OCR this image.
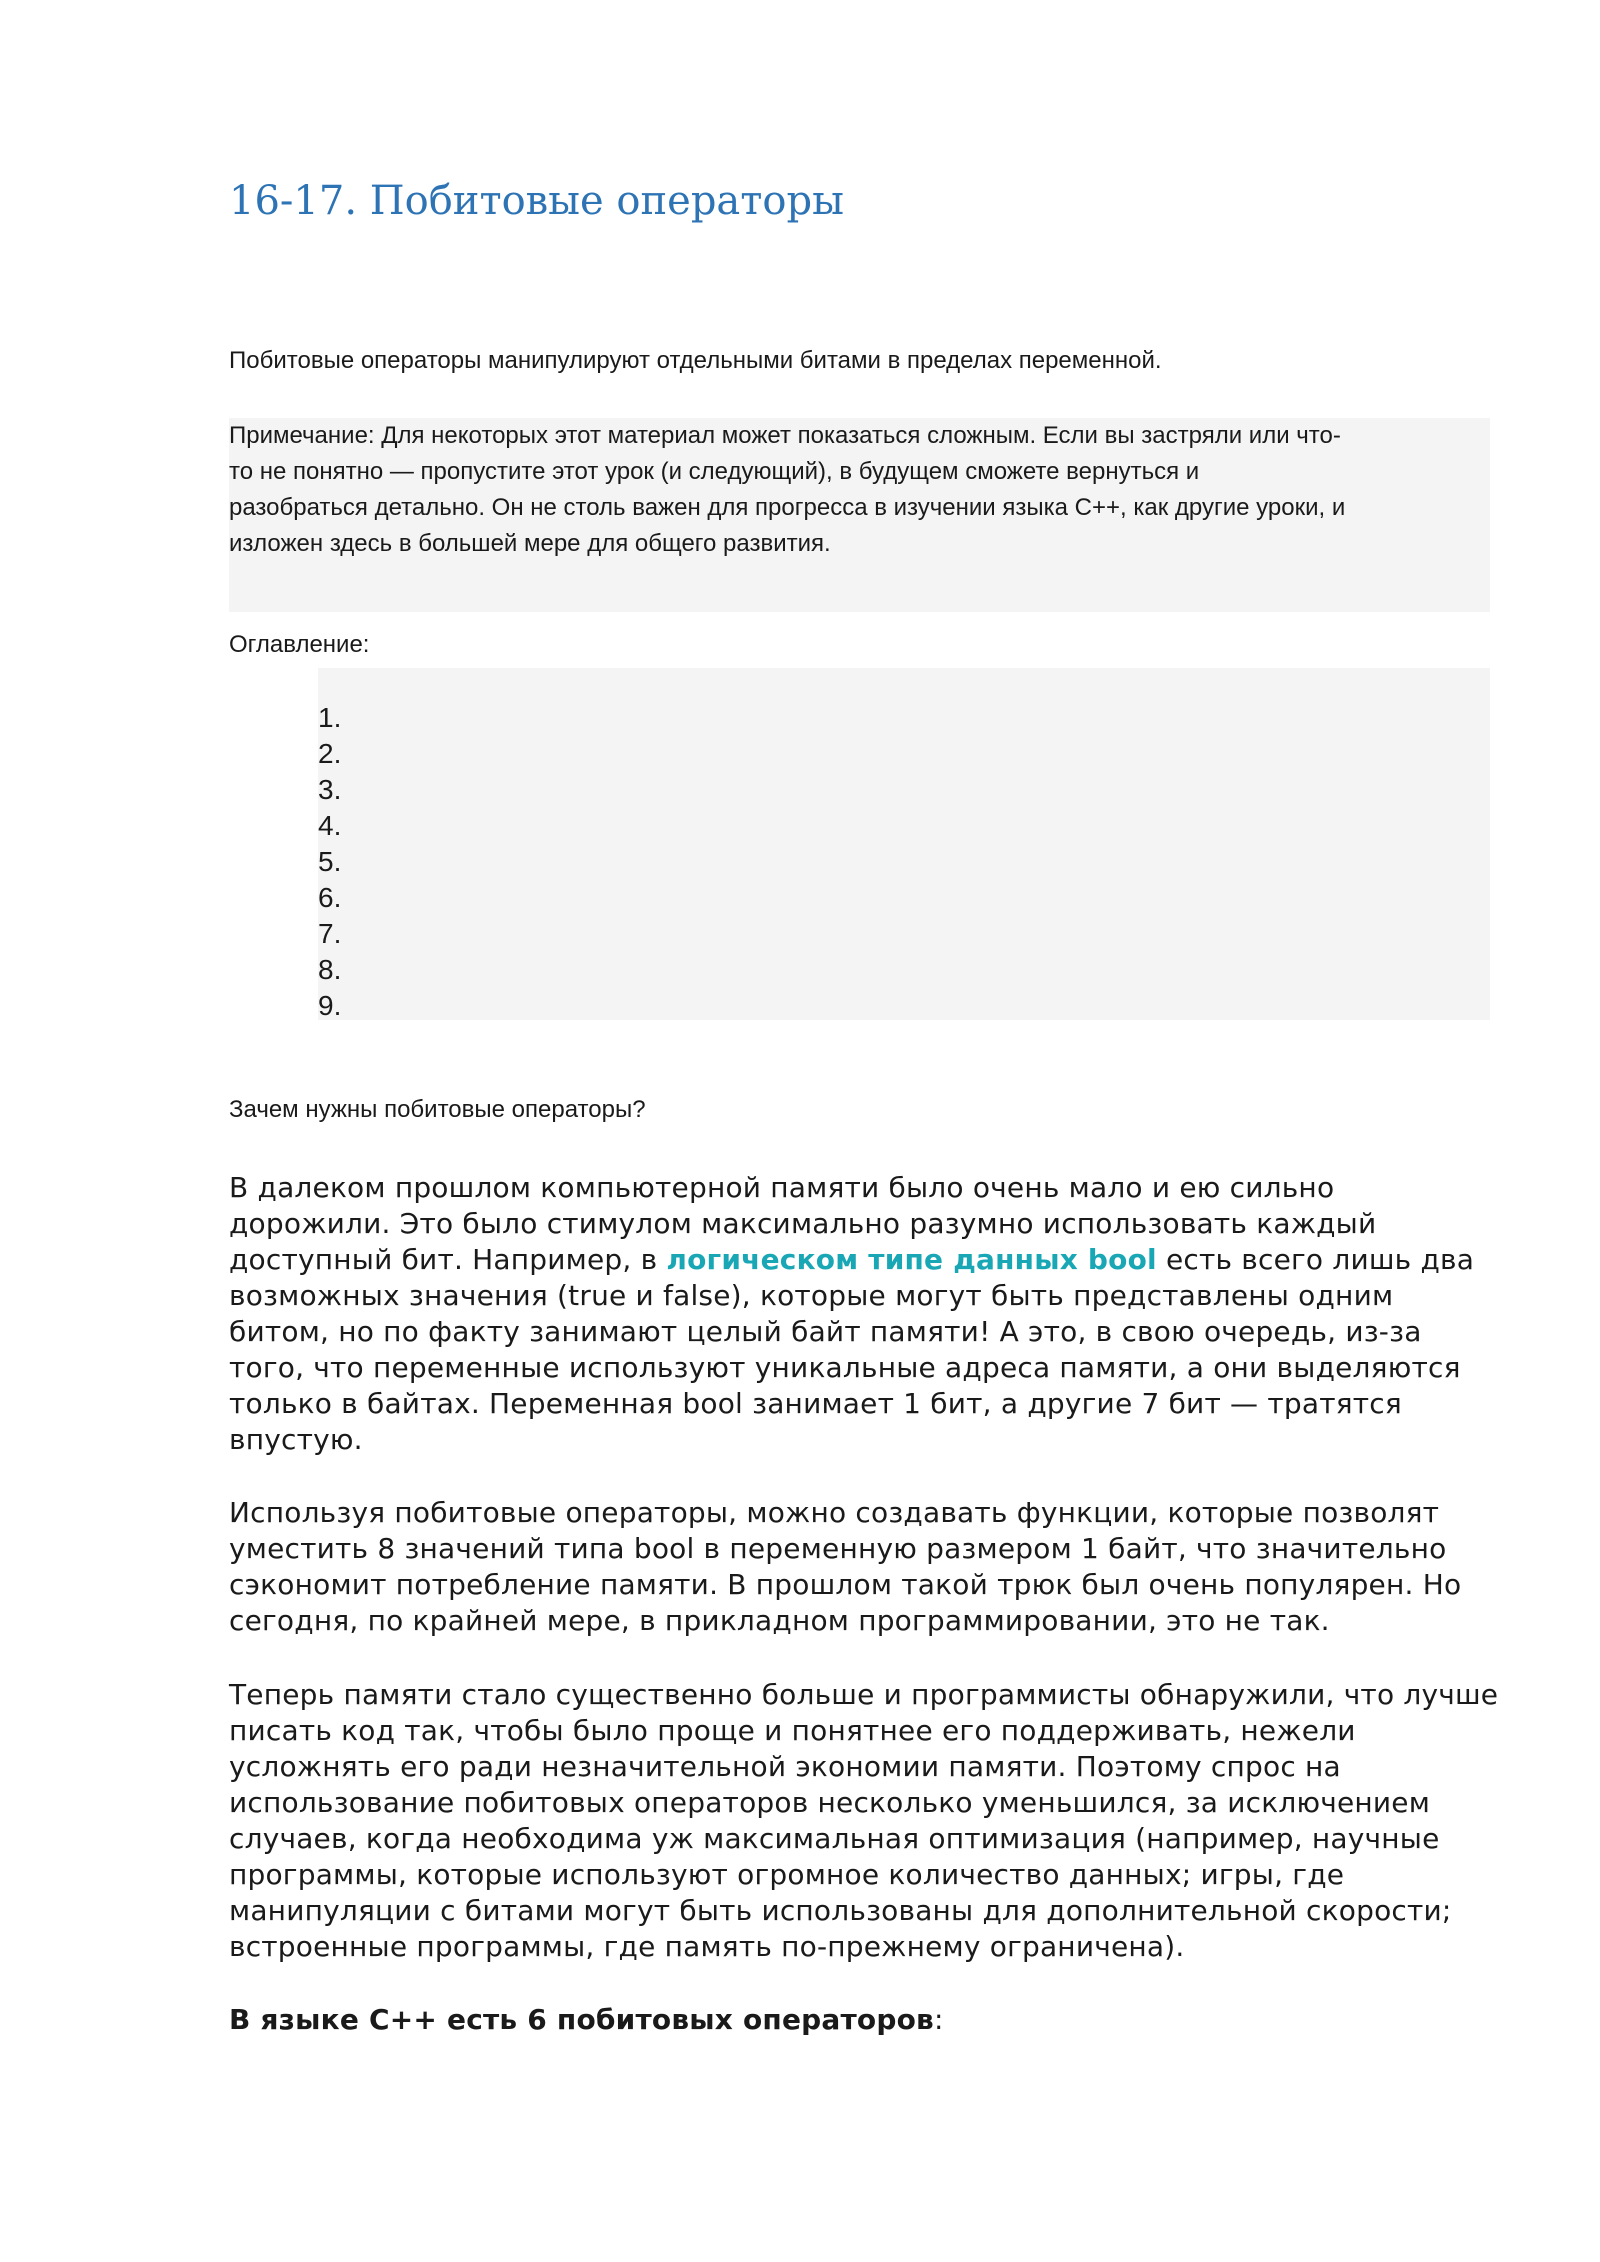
16-17. Побитовые операторы

Побитовые операторы манипулируют отдельными битами в пределах переменной.

Примечание: Для некоторых этот материал может показаться сложным. Если вы застряли или что-
то не понятно — пропустите этот урок (и следующий), в будущем сможете вернуться и
разобраться детально. Он не столь важен для прогресса в изучении языка C++, как другие уроки, и
изложен здесь в большей мере для общего развития.

Оглавление:

1.
2.
3.
4.
5.
6.
7.
8.
9.
Зачем нужны побитовые операторы?

В далеком прошлом компьютерной памяти было очень мало и ею сильно дорожили. Это было стимулом максимально разумно использовать каждый доступный бит. Например, в логическом типе данных bool есть всего лишь два возможных значения (true и false), которые могут быть представлены одним битом, но по факту занимают целый байт памяти! А это, в свою очередь, из-за того, что переменные используют уникальные адреса памяти, а они выделяются только в байтах. Переменная bool занимает 1 бит, а другие 7 бит — тратятся впустую.

Используя побитовые операторы, можно создавать функции, которые позволят уместить 8 значений типа bool в переменную размером 1 байт, что значительно сэкономит потребление памяти. В прошлом такой трюк был очень популярен. Но сегодня, по крайней мере, в прикладном программировании, это не так.

Теперь памяти стало существенно больше и программисты обнаружили, что лучше писать код так, чтобы было проще и понятнее его поддерживать, нежели усложнять его ради незначительной экономии памяти. Поэтому спрос на использование побитовых операторов несколько уменьшился, за исключением случаев, когда необходима уж максимальная оптимизация (например, научные программы, которые используют огромное количество данных; игры, где манипуляции с битами могут быть использованы для дополнительной скорости; встроенные программы, где память по-прежнему ограничена).

В языке C++ есть 6 побитовых операторов:
